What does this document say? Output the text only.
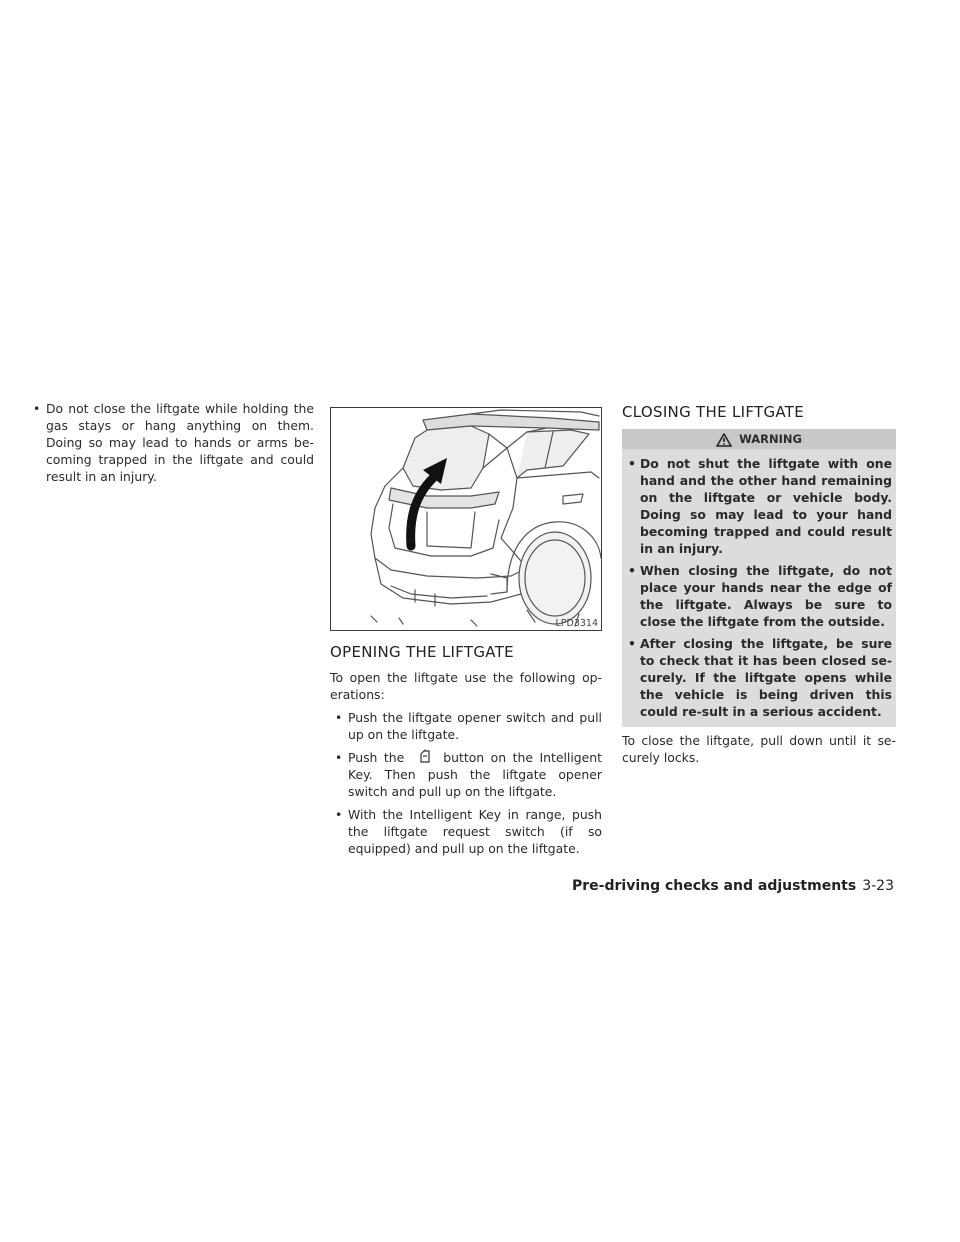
• Do not close the liftgate while holding the gas stays or hang anything on them. Doing so may lead to hands or arms be-coming trapped in the liftgate and could result in an injury.
LPD3314
OPENING THE LIFTGATE

To open the liftgate use the following op-erations:

• Push the liftgate opener switch and pull up on the liftgate.
• Push the	button on the Intelligent Key. Then push the liftgate opener switch and pull up on the liftgate.
• With the Intelligent Key in range, push the liftgate request switch (if so equipped) and pull up on the liftgate.
CLOSING THE LIFTGATE
WARNING
• Do not shut the liftgate with one hand and the other hand remaining on the liftgate or vehicle body. Doing so may lead to your hand becoming trapped and could result in an injury.
• When closing the liftgate, do not place your hands near the edge of the liftgate. Always be sure to close the liftgate from the outside.
• After closing the liftgate, be sure to check that it has been closed se-curely. If the liftgate opens while the vehicle is being driven this could re-sult in a serious accident.

To close the liftgate, pull down until it se-curely locks.

Pre-driving checks and adjustments 3-23
